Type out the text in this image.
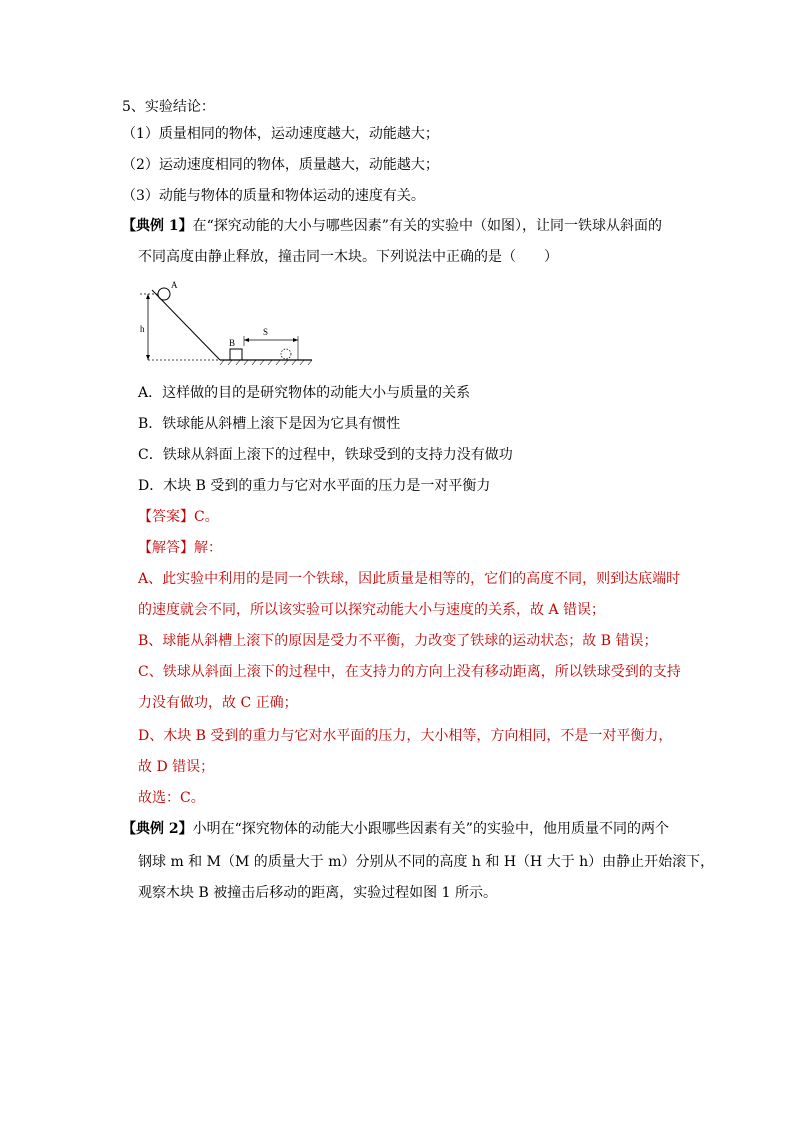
5、实验结论：
（1）质量相同的物体，运动速度越大，动能越大；
（2）运动速度相同的物体，质量越大，动能越大；
（3）动能与物体的质量和物体运动的速度有关。
【典例 1】在“探究动能的大小与哪些因素”有关的实验中（如图），让同一铁球从斜面的
不同高度由静止释放，撞击同一木块。下列说法中正确的是（　　）
A
h
B
S
A．这样做的目的是研究物体的动能大小与质量的关系
B．铁球能从斜槽上滚下是因为它具有惯性
C．铁球从斜面上滚下的过程中，铁球受到的支持力没有做功
D．木块 B 受到的重力与它对水平面的压力是一对平衡力
【答案】C。
【解答】解：
A、此实验中利用的是同一个铁球，因此质量是相等的，它们的高度不同，则到达底端时
的速度就会不同，所以该实验可以探究动能大小与速度的关系，故 A 错误；
B、球能从斜槽上滚下的原因是受力不平衡，力改变了铁球的运动状态；故 B 错误；
C、铁球从斜面上滚下的过程中，在支持力的方向上没有移动距离，所以铁球受到的支持
力没有做功，故 C 正确；
D、木块 B 受到的重力与它对水平面的压力，大小相等，方向相同，不是一对平衡力，
故 D 错误；
故选：C。
【典例 2】小明在“探究物体的动能大小跟哪些因素有关”的实验中，他用质量不同的两个
钢球 m 和 M（M 的质量大于 m）分别从不同的高度 h 和 H（H 大于 h）由静止开始滚下，
观察木块 B 被撞击后移动的距离，实验过程如图 1 所示。
